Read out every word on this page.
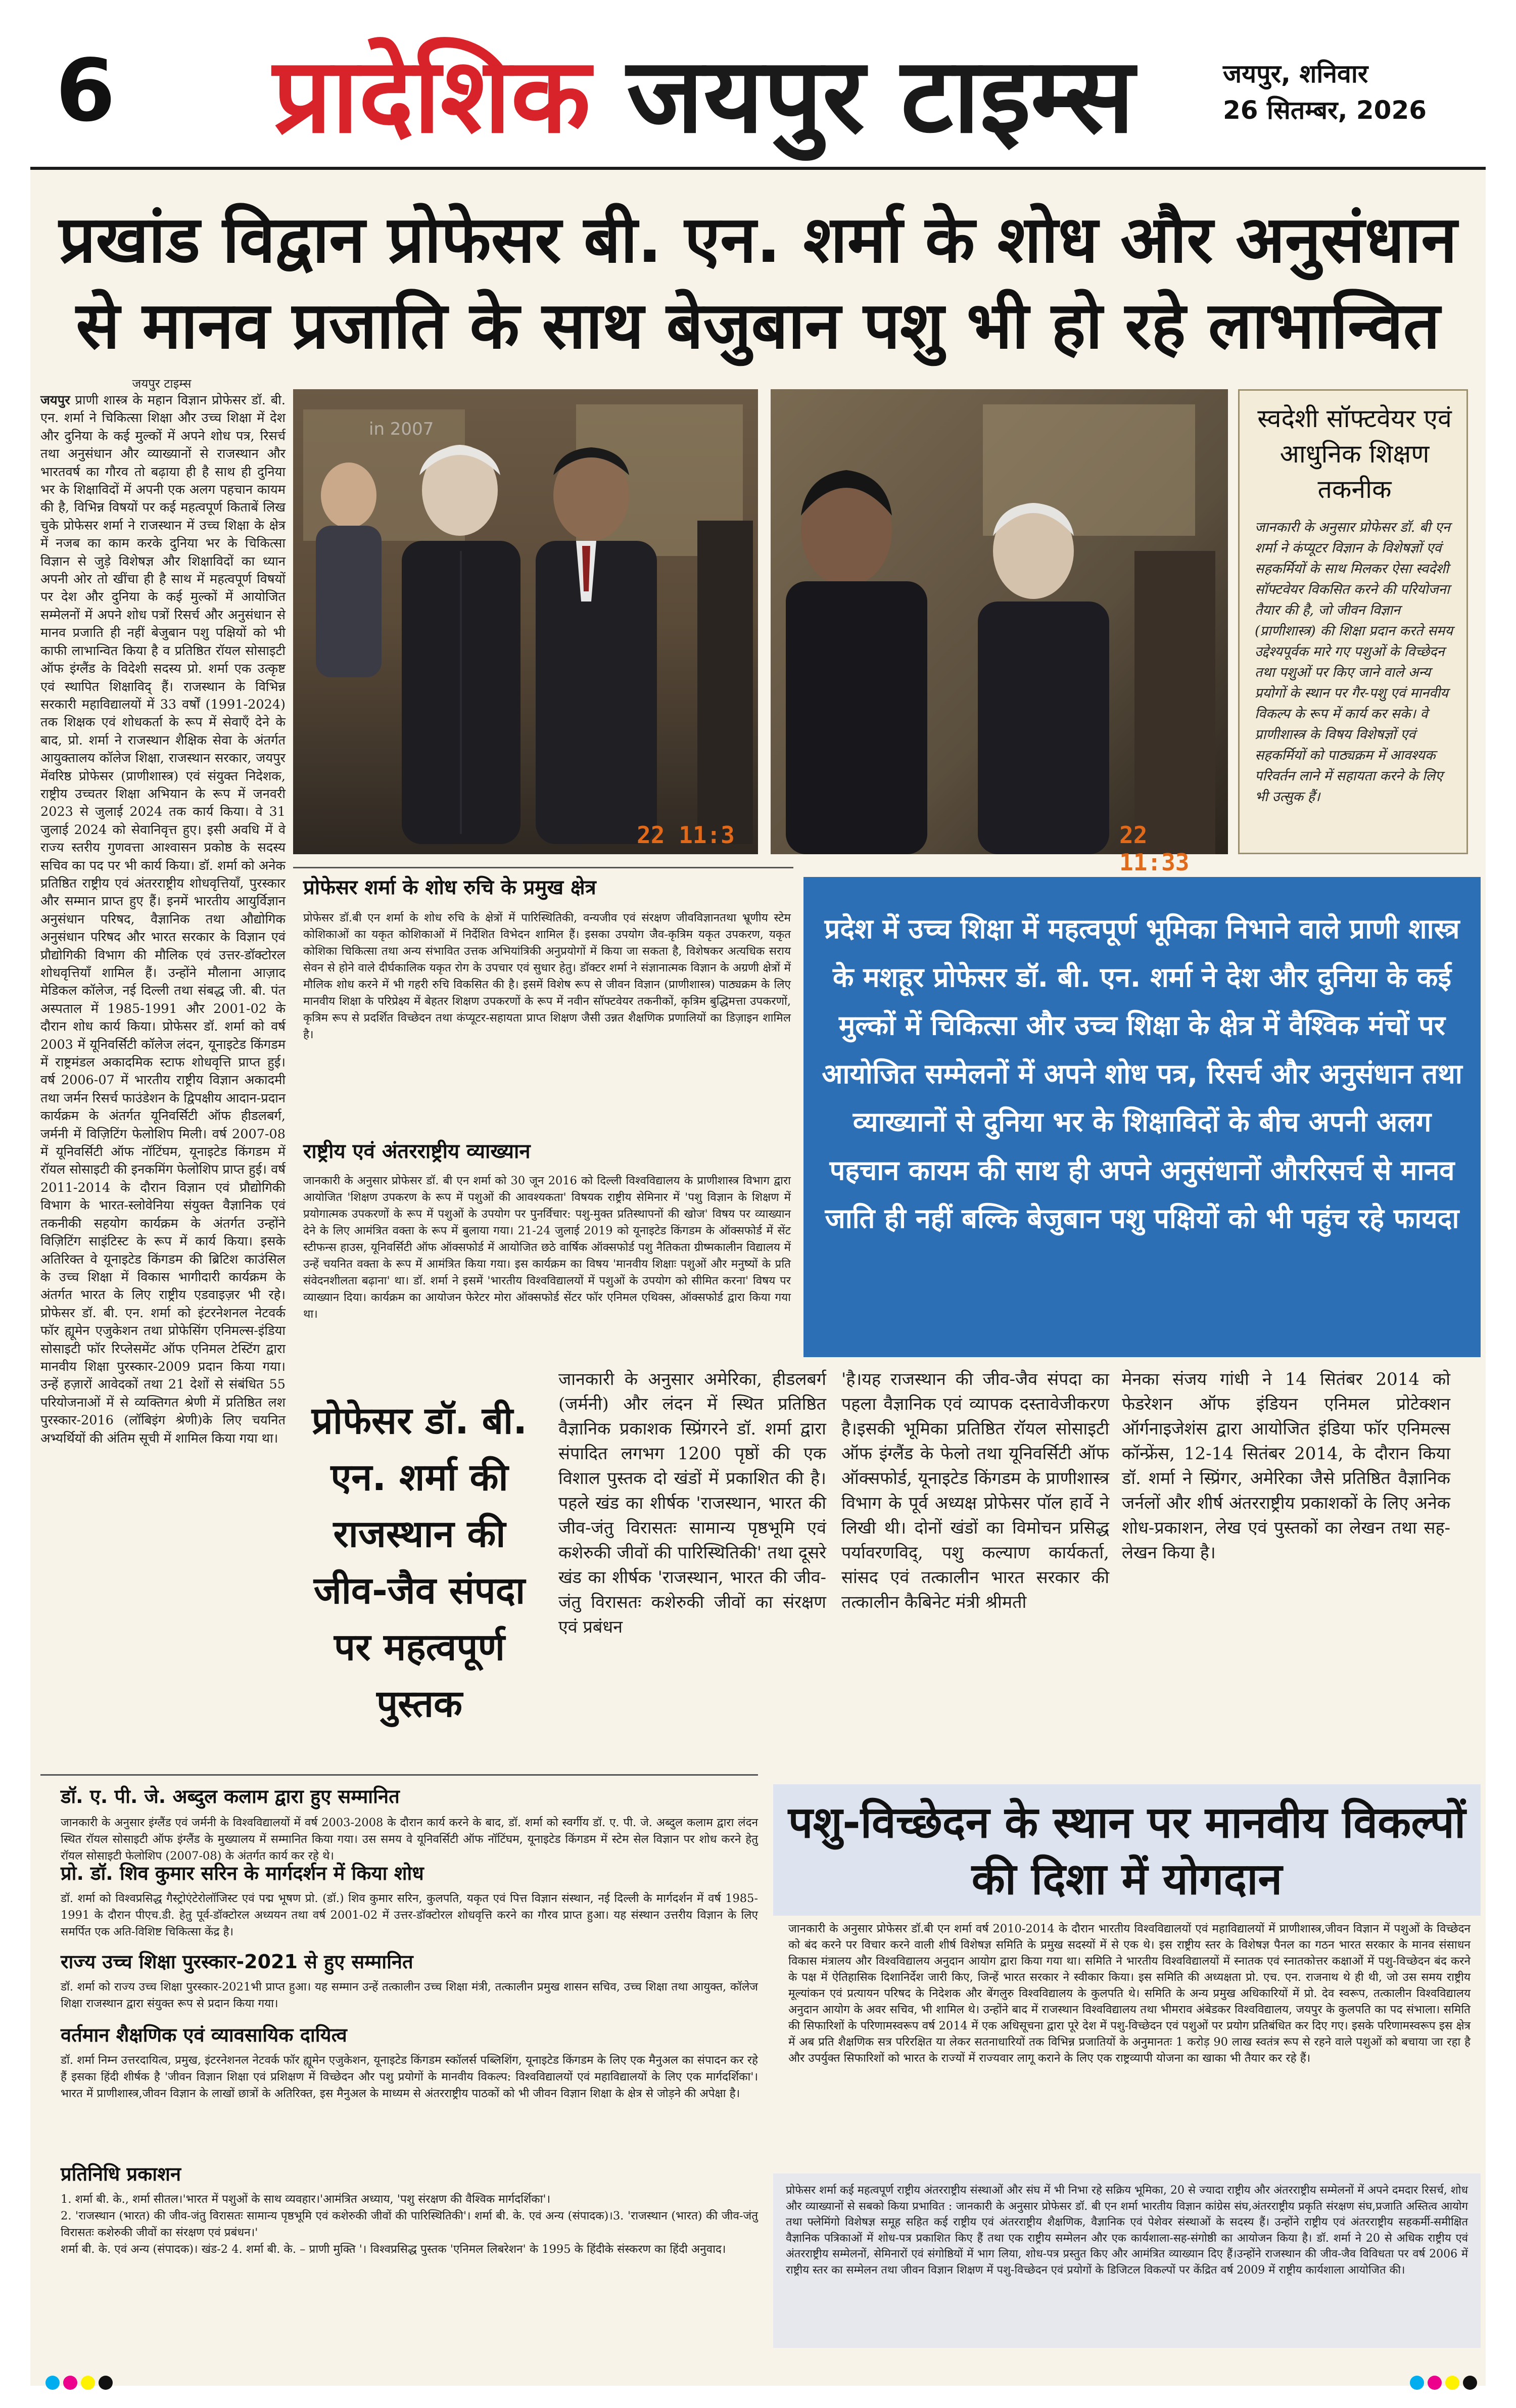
6 प्रादेशिक जयपुर टाइम्स	जयपुर, शनिवार
26 सितम्बर, 2026
प्रखांड विद्वान प्रोफेसर बी. एन. शर्मा के शोध और अनुसंधान
से मानव प्रजाति के साथ बेजुबान पशु भी हो रहे लाभान्वित
जयपुर टाइम्स
जयपुर प्राणी शास्त्र के महान विज्ञान प्रोफेसर डॉ. बी. एन. शर्मा ने चिकित्सा शिक्षा और उच्च शिक्षा में देश और दुनिया के कई मुल्कों में अपने शोध पत्र, रिसर्च तथा अनुसंधान और व्याख्यानों से राजस्थान और भारतवर्ष का गौरव तो बढ़ाया ही है साथ ही दुनिया भर के शिक्षाविदों में अपनी एक अलग पहचान कायम की है, विभिन्न विषयों पर कई महत्वपूर्ण किताबें लिख चुके प्रोफेसर शर्मा ने राजस्थान में उच्च शिक्षा के क्षेत्र में नजब का काम करके दुनिया भर के चिकित्सा विज्ञान से जुड़े विशेषज्ञ और शिक्षाविदों का ध्यान अपनी ओर तो खींचा ही है साथ में महत्वपूर्ण विषयों पर देश और दुनिया के कई मुल्कों में आयोजित सम्मेलनों में अपने शोध पत्रों रिसर्च और अनुसंधान से मानव प्रजाति ही नहीं बेजुबान पशु पक्षियों को भी काफी लाभान्वित किया है व प्रतिष्ठित रॉयल सोसाइटी ऑफ इंग्लैंड के विदेशी सदस्य प्रो. शर्मा एक उत्कृष्ट एवं स्थापित शिक्षाविद् हैं। राजस्थान के विभिन्न सरकारी महाविद्यालयों में 33 वर्षों (1991-2024) तक शिक्षक एवं शोधकर्ता के रूप में सेवाएँ देने के बाद, प्रो. शर्मा ने राजस्थान शैक्षिक सेवा के अंतर्गत आयुक्तालय कॉलेज शिक्षा, राजस्थान सरकार, जयपुर मेंवरिष्ठ प्रोफेसर (प्राणीशास्त्र) एवं संयुक्त निदेशक, राष्ट्रीय उच्चतर शिक्षा अभियान के रूप में जनवरी 2023 से जुलाई 2024 तक कार्य किया। वे 31 जुलाई 2024 को सेवानिवृत्त हुए। इसी अवधि में वे राज्य स्तरीय गुणवत्ता आश्वासन प्रकोष्ठ के सदस्य सचिव का पद पर भी कार्य किया। डॉ. शर्मा को अनेक प्रतिष्ठित राष्ट्रीय एवं अंतरराष्ट्रीय शोधवृत्तियाँ, पुरस्कार और सम्मान प्राप्त हुए हैं। इनमें भारतीय आयुर्विज्ञान अनुसंधान परिषद, वैज्ञानिक तथा औद्योगिक अनुसंधान परिषद और भारत सरकार के विज्ञान एवं प्रौद्योगिकी विभाग की मौलिक एवं उत्तर-डॉक्टोरल शोधवृत्तियाँ शामिल हैं। उन्होंने मौलाना आज़ाद मेडिकल कॉलेज, नई दिल्ली तथा संबद्ध जी. बी. पंत अस्पताल में 1985-1991 और 2001-02 के दौरान शोध कार्य किया। प्रोफेसर डॉ. शर्मा को वर्ष 2003 में यूनिवर्सिटी कॉलेज लंदन, यूनाइटेड किंगडम में राष्ट्रमंडल अकादमिक स्टाफ शोधवृत्ति प्राप्त हुई। वर्ष 2006-07 में भारतीय राष्ट्रीय विज्ञान अकादमी तथा जर्मन रिसर्च फाउंडेशन के द्विपक्षीय आदान-प्रदान कार्यक्रम के अंतर्गत यूनिवर्सिटी ऑफ हीडलबर्ग, जर्मनी में विज़िटिंग फेलोशिप मिली। वर्ष 2007-08 में यूनिवर्सिटी ऑफ नॉटिंघम, यूनाइटेड किंगडम में रॉयल सोसाइटी की इनकमिंग फेलोशिप प्राप्त हुई। वर्ष 2011-2014 के दौरान विज्ञान एवं प्रौद्योगिकी विभाग के भारत-स्लोवेनिया संयुक्त वैज्ञानिक एवं तकनीकी सहयोग कार्यक्रम के अंतर्गत उन्होंने विज़िटिंग साइंटिस्ट के रूप में कार्य किया। इसके अतिरिक्त वे यूनाइटेड किंगडम की ब्रिटिश काउंसिल के उच्च शिक्षा में विकास भागीदारी कार्यक्रम के अंतर्गत भारत के लिए राष्ट्रीय एडवाइज़र भी रहे। प्रोफेसर डॉ. बी. एन. शर्मा को इंटरनेशनल नेटवर्क फॉर ह्यूमेन एजुकेशन तथा प्रोफेसिंग एनिमल्स-इंडिया सोसाइटी फॉर रिप्लेसमेंट ऑफ एनिमल टेस्टिंग द्वारा मानवीय शिक्षा पुरस्कार-2009 प्रदान किया गया। उन्हें हज़ारों आवेदकों तथा 21 देशों से संबंधित 55 परियोजनाओं में से व्यक्तिगत श्रेणी में प्रतिष्ठित लश पुरस्कार-2016 (लॉबिइंग श्रेणी)के लिए चयनित अभ्यर्थियों की अंतिम सूची में शामिल किया गया था।
in 2007
22 11:3	22 11:33
स्वदेशी सॉफ्टवेयर एवं आधुनिक शिक्षण तकनीक
जानकारी के अनुसार प्रोफेसर डॉ. बी एन शर्मा ने कंप्यूटर विज्ञान के विशेषज्ञों एवं सहकर्मियों के साथ मिलकर ऐसा स्वदेशी सॉफ्टवेयर विकसित करने की परियोजना तैयार की है, जो जीवन विज्ञान (प्राणीशास्त्र) की शिक्षा प्रदान करते समय उद्देश्यपूर्वक मारे गए पशुओं के विच्छेदन तथा पशुओं पर किए जाने वाले अन्य प्रयोगों के स्थान पर गैर-पशु एवं मानवीय विकल्प के रूप में कार्य कर सके। वे प्राणीशास्त्र के विषय विशेषज्ञों एवं सहकर्मियों को पाठ्यक्रम में आवश्यक परिवर्तन लाने में सहायता करने के लिए भी उत्सुक हैं।
प्रोफेसर शर्मा के शोध रुचि के प्रमुख क्षेत्र
प्रोफेसर डॉ.बी एन शर्मा के शोध रुचि के क्षेत्रों में पारिस्थितिकी, वन्यजीव एवं संरक्षण जीवविज्ञानतथा भ्रूणीय स्टेम कोशिकाओं का यकृत कोशिकाओं में निर्देशित विभेदन शामिल हैं। इसका उपयोग जैव-कृत्रिम यकृत उपकरण, यकृत कोशिका चिकित्सा तथा अन्य संभावित उत्तक अभियांत्रिकी अनुप्रयोगों में किया जा सकता है, विशेषकर अत्यधिक सराय सेवन से होने वाले दीर्घकालिक यकृत रोग के उपचार एवं सुधार हेतु। डॉक्टर शर्मा ने संज्ञानात्मक विज्ञान के अग्रणी क्षेत्रों में मौलिक शोध करने में भी गहरी रुचि विकसित की है। इसमें विशेष रूप से जीवन विज्ञान (प्राणीशास्त्र) पाठ्यक्रम के लिए मानवीय शिक्षा के परिप्रेक्ष्य में बेहतर शिक्षण उपकरणों के रूप में नवीन सॉफ्टवेयर तकनीकों, कृत्रिम बुद्धिमत्ता उपकरणों, कृत्रिम रूप से प्रदर्शित विच्छेदन तथा कंप्यूटर-सहायता प्राप्त शिक्षण जैसी उन्नत शैक्षणिक प्रणालियों का डिज़ाइन शामिल है।
राष्ट्रीय एवं अंतरराष्ट्रीय व्याख्यान
जानकारी के अनुसार प्रोफेसर डॉ. बी एन शर्मा को 30 जून 2016 को दिल्ली विश्वविद्यालय के प्राणीशास्त्र विभाग द्वारा आयोजित 'शिक्षण उपकरण के रूप में पशुओं की आवश्यकता' विषयक राष्ट्रीय सेमिनार में 'पशु विज्ञान के शिक्षण में प्रयोगात्मक उपकरणों के रूप में पशुओं के उपयोग पर पुनर्विचार: पशु-मुक्त प्रतिस्थापनों की खोज' विषय पर व्याख्यान देने के लिए आमंत्रित वक्ता के रूप में बुलाया गया। 21-24 जुलाई 2019 को यूनाइटेड किंगडम के ऑक्सफोर्ड में सेंट स्टीफन्स हाउस, यूनिवर्सिटी ऑफ ऑक्सफोर्ड में आयोजित छठे वार्षिक ऑक्सफोर्ड पशु नैतिकता ग्रीष्मकालीन विद्यालय में उन्हें चयनित वक्ता के रूप में आमंत्रित किया गया। इस कार्यक्रम का विषय 'मानवीय शिक्षाः पशुओं और मनुष्यों के प्रति संवेदनशीलता बढ़ाना' था। डॉ. शर्मा ने इसमें 'भारतीय विश्वविद्यालयों में पशुओं के उपयोग को सीमित करना' विषय पर व्याख्यान दिया। कार्यक्रम का आयोजन फेरेटर मोरा ऑक्सफोर्ड सेंटर फॉर एनिमल एथिक्स, ऑक्सफोर्ड द्वारा किया गया था।
प्रदेश में उच्च शिक्षा में महत्वपूर्ण भूमिका निभाने वाले प्राणी शास्त्र के मशहूर प्रोफेसर डॉ. बी. एन. शर्मा ने देश और दुनिया के कई मुल्कों में चिकित्सा और उच्च शिक्षा के क्षेत्र में वैश्विक मंचों पर आयोजित सम्मेलनों में अपने शोध पत्र, रिसर्च और अनुसंधान तथा व्याख्यानों से दुनिया भर के शिक्षाविदों के बीच अपनी अलग पहचान कायम की साथ ही अपने अनुसंधानों औररिसर्च से मानव जाति ही नहीं बल्कि बेजुबान पशु पक्षियों को भी पहुंच रहे फायदा
प्रोफेसर डॉ. बी. एन. शर्मा की राजस्थान की जीव-जैव संपदा पर महत्वपूर्ण पुस्तक
जानकारी के अनुसार अमेरिका, हीडलबर्ग (जर्मनी) और लंदन में स्थित प्रतिष्ठित वैज्ञानिक प्रकाशक स्प्रिंगरने डॉ. शर्मा द्वारा संपादित लगभग 1200 पृष्ठों की एक विशाल पुस्तक दो खंडों में प्रकाशित की है। पहले खंड का शीर्षक 'राजस्थान, भारत की जीव-जंतु विरासतः सामान्य पृष्ठभूमि एवं कशेरुकी जीवों की पारिस्थितिकी' तथा दूसरे खंड का शीर्षक 'राजस्थान, भारत की जीव-जंतु विरासतः कशेरुकी जीवों का संरक्षण एवं प्रबंधन
'है।यह राजस्थान की जीव-जैव संपदा का पहला वैज्ञानिक एवं व्यापक दस्तावेजीकरण है।इसकी भूमिका प्रतिष्ठित रॉयल सोसाइटी ऑफ इंग्लैंड के फेलो तथा यूनिवर्सिटी ऑफ ऑक्सफोर्ड, यूनाइटेड किंगडम के प्राणीशास्त्र विभाग के पूर्व अध्यक्ष प्रोफेसर पॉल हार्वे ने लिखी थी। दोनों खंडों का विमोचन प्रसिद्ध पर्यावरणविद्, पशु कल्याण कार्यकर्ता, सांसद एवं तत्कालीन भारत सरकार की तत्कालीन कैबिनेट मंत्री श्रीमती
मेनका संजय गांधी ने 14 सितंबर 2014 को फेडरेशन ऑफ इंडियन एनिमल प्रोटेक्शन ऑर्गनाइजेशंस द्वारा आयोजित इंडिया फॉर एनिमल्स कॉन्फ्रेंस, 12-14 सितंबर 2014, के दौरान किया डॉ. शर्मा ने स्प्रिंगर, अमेरिका जैसे प्रतिष्ठित वैज्ञानिक जर्नलों और शीर्ष अंतरराष्ट्रीय प्रकाशकों के लिए अनेक शोध-प्रकाशन, लेख एवं पुस्तकों का लेखन तथा सह-लेखन किया है।
डॉ. ए. पी. जे. अब्दुल कलाम द्वारा हुए सम्मानित
जानकारी के अनुसार इंग्लैंड एवं जर्मनी के विश्वविद्यालयों में वर्ष 2003-2008 के दौरान कार्य करने के बाद, डॉ. शर्मा को स्वर्गीय डॉ. ए. पी. जे. अब्दुल कलाम द्वारा लंदन स्थित रॉयल सोसाइटी ऑफ इंग्लैंड के मुख्यालय में सम्मानित किया गया। उस समय वे यूनिवर्सिटी ऑफ नॉटिंघम, यूनाइटेड किंगडम में स्टेम सेल विज्ञान पर शोध करने हेतु रॉयल सोसाइटी फेलोशिप (2007-08) के अंतर्गत कार्य कर रहे थे।
प्रो. डॉ. शिव कुमार सरिन के मार्गदर्शन में किया शोध
डॉ. शर्मा को विश्वप्रसिद्ध गैस्ट्रोएंटेरोलॉजिस्ट एवं पद्म भूषण प्रो. (डॉ.) शिव कुमार सरिन, कुलपति, यकृत एवं पित्त विज्ञान संस्थान, नई दिल्ली के मार्गदर्शन में वर्ष 1985-1991 के दौरान पीएच.डी. हेतु पूर्व-डॉक्टोरल अध्ययन तथा वर्ष 2001-02 में उत्तर-डॉक्टोरल शोधवृत्ति करने का गौरव प्राप्त हुआ। यह संस्थान उत्तरीय विज्ञान के लिए समर्पित एक अति-विशिष्ट चिकित्सा केंद्र है।
राज्य उच्च शिक्षा पुरस्कार-2021 से हुए सम्मानित
डॉ. शर्मा को राज्य उच्च शिक्षा पुरस्कार-2021भी प्राप्त हुआ। यह सम्मान उन्हें तत्कालीन उच्च शिक्षा मंत्री, तत्कालीन प्रमुख शासन सचिव, उच्च शिक्षा तथा आयुक्त, कॉलेज शिक्षा राजस्थान द्वारा संयुक्त रूप से प्रदान किया गया।
वर्तमान शैक्षणिक एवं व्यावसायिक दायित्व
डॉ. शर्मा निम्न उत्तरदायित्व, प्रमुख, इंटरनेशनल नेटवर्क फॉर ह्यूमेन एजुकेशन, यूनाइटेड किंगडम स्कॉलर्स पब्लिशिंग, यूनाइटेड किंगडम के लिए एक मैनुअल का संपादन कर रहे हैं इसका हिंदी शीर्षक है 'जीवन विज्ञान शिक्षा एवं प्रशिक्षण में विच्छेदन और पशु प्रयोगों के मानवीय विकल्प: विश्वविद्यालयों एवं महाविद्यालयों के लिए एक मार्गदर्शिका'। भारत में प्राणीशास्त्र,जीवन विज्ञान के लाखों छात्रों के अतिरिक्त, इस मैनुअल के माध्यम से अंतरराष्ट्रीय पाठकों को भी जीवन विज्ञान शिक्षा के क्षेत्र से जोड़ने की अपेक्षा है।
प्रतिनिधि प्रकाशन
1. शर्मा बी. के., शर्मा सीतल।'भारत में पशुओं के साथ व्यवहार।'आमंत्रित अध्याय, 'पशु संरक्षण की वैश्विक मार्गदर्शिका'।
2. 'राजस्थान (भारत) की जीव-जंतु विरासतः सामान्य पृष्ठभूमि एवं कशेरुकी जीवों की पारिस्थितिकी'। शर्मा बी. के. एवं अन्य (संपादक)।3. 'राजस्थान (भारत) की जीव-जंतु विरासतः कशेरुकी जीवों का संरक्षण एवं प्रबंधन।'
शर्मा बी. के. एवं अन्य (संपादक)। खंड-2 4. शर्मा बी. के. – प्राणी मुक्ति '। विश्वप्रसिद्ध पुस्तक 'एनिमल लिबरेशन' के 1995 के हिंदीके संस्करण का हिंदी अनुवाद।
पशु-विच्छेदन के स्थान पर मानवीय विकल्पों की दिशा में योगदान
जानकारी के अनुसार प्रोफेसर डॉ.बी एन शर्मा वर्ष 2010-2014 के दौरान भारतीय विश्वविद्यालयों एवं महाविद्यालयों में प्राणीशास्त्र,जीवन विज्ञान में पशुओं के विच्छेदन को बंद करने पर विचार करने वाली शीर्ष विशेषज्ञ समिति के प्रमुख सदस्यों में से एक थे। इस राष्ट्रीय स्तर के विशेषज्ञ पैनल का गठन भारत सरकार के मानव संसाधन विकास मंत्रालय और विश्वविद्यालय अनुदान आयोग द्वारा किया गया था। समिति ने भारतीय विश्वविद्यालयों में स्नातक एवं स्नातकोत्तर कक्षाओं में पशु-विच्छेदन बंद करने के पक्ष में ऐतिहासिक दिशानिर्देश जारी किए, जिन्हें भारत सरकार ने स्वीकार किया। इस समिति की अध्यक्षता प्रो. एच. एन. राजनाथ थे ही थी, जो उस समय राष्ट्रीय मूल्यांकन एवं प्रत्यायन परिषद के निदेशक और बेंगलुरु विश्वविद्यालय के कुलपति थे। समिति के अन्य प्रमुख अधिकारियों में प्रो. देव स्वरूप, तत्कालीन विश्वविद्यालय अनुदान आयोग के अवर सचिव, भी शामिल थे। उन्होंने बाद में राजस्थान विश्वविद्यालय तथा भीमराव अंबेडकर विश्वविद्यालय, जयपुर के कुलपति का पद संभाला। समिति की सिफारिशों के परिणामस्वरूप वर्ष 2014 में एक अधिसूचना द्वारा पूरे देश में पशु-विच्छेदन एवं पशुओं पर प्रयोग प्रतिबंधित कर दिए गए। इसके परिणामस्वरूप इस क्षेत्र में अब प्रति शैक्षणिक सत्र परिरक्षित या लेकर सतनाधारियों तक विभिन्न प्रजातियों के अनुमानतः 1 करोड़ 90 लाख स्वतंत्र रूप से रहने वाले पशुओं को बचाया जा रहा है और उपर्युक्त सिफारिशों को भारत के राज्यों में राज्यवार लागू कराने के लिए एक राष्ट्रव्यापी योजना का खाका भी तैयार कर रहे हैं।
प्रोफेसर शर्मा कई महत्वपूर्ण राष्ट्रीय अंतरराष्ट्रीय संस्थाओं और संघ में भी निभा रहे सक्रिय भूमिका, 20 से ज्यादा राष्ट्रीय और अंतरराष्ट्रीय सम्मेलनों में अपने दमदार रिसर्च, शोध और व्याख्यानों से सबको किया प्रभावित : जानकारी के अनुसार प्रोफेसर डॉ. बी एन शर्मा भारतीय विज्ञान कांग्रेस संघ,अंतरराष्ट्रीय प्रकृति संरक्षण संघ,प्रजाति अस्तित्व आयोग तथा फ्लेमिंगो विशेषज्ञ समूह सहित कई राष्ट्रीय एवं अंतरराष्ट्रीय शैक्षणिक, वैज्ञानिक एवं पेशेवर संस्थाओं के सदस्य हैं। उन्होंने राष्ट्रीय एवं अंतरराष्ट्रीय सहकर्मी-समीक्षित वैज्ञानिक पत्रिकाओं में शोध-पत्र प्रकाशित किए हैं तथा एक राष्ट्रीय सम्मेलन और एक कार्यशाला-सह-संगोष्ठी का आयोजन किया है। डॉ. शर्मा ने 20 से अधिक राष्ट्रीय एवं अंतरराष्ट्रीय सम्मेलनों, सेमिनारों एवं संगोष्ठियों में भाग लिया, शोध-पत्र प्रस्तुत किए और आमंत्रित व्याख्यान दिए हैं।उन्होंने राजस्थान की जीव-जैव विविधता पर वर्ष 2006 में राष्ट्रीय स्तर का सम्मेलन तथा जीवन विज्ञान शिक्षण में पशु-विच्छेदन एवं प्रयोगों के डिजिटल विकल्पों पर केंद्रित वर्ष 2009 में राष्ट्रीय कार्यशाला आयोजित की।
